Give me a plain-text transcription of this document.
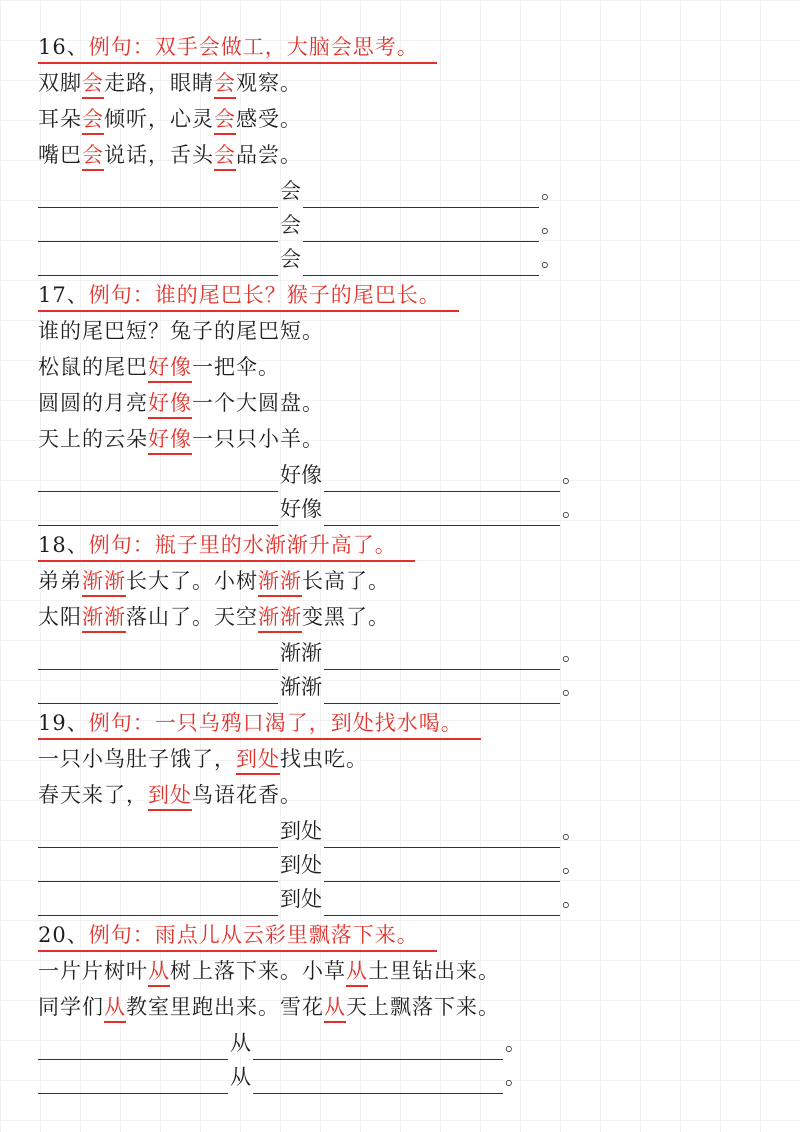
16、例句：双手会做工，大脑会思考。
双脚会走路，眼睛会观察。
耳朵会倾听，心灵会感受。
嘴巴会说话，舌头会品尝。
会	。
会	。
会	。
17、例句：谁的尾巴长？猴子的尾巴长。
谁的尾巴短？兔子的尾巴短。
松鼠的尾巴好像一把伞。
圆圆的月亮好像一个大圆盘。
天上的云朵好像一只只小羊。
好像	。
好像	。
18、例句：瓶子里的水渐渐升高了。
弟弟渐渐长大了。小树渐渐长高了。
太阳渐渐落山了。天空渐渐变黑了。
渐渐	。
渐渐	。
19、例句：一只乌鸦口渴了，到处找水喝。
一只小鸟肚子饿了，到处找虫吃。
春天来了，到处鸟语花香。
到处	。
到处	。
到处	。
20、例句：雨点儿从云彩里飘落下来。
一片片树叶从树上落下来。小草从土里钻出来。
同学们从教室里跑出来。雪花从天上飘落下来。
从	。
从	。
